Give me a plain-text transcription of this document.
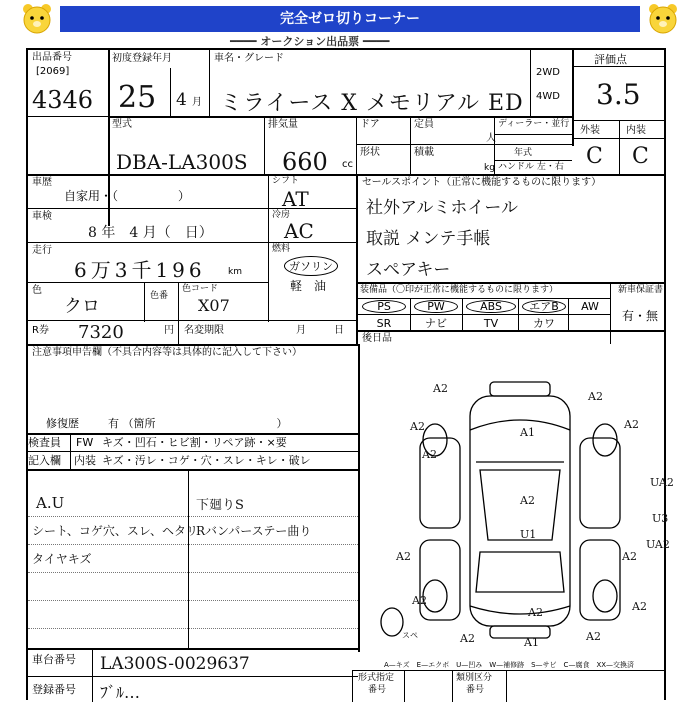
完全ゼロ切りコーナー
━━━━ オークション出品票 ━━━━
出品番号
[2069]
4346
初度登録年月
25 4 月
車名・グレード
ミライース X メモリアル ED
2WD
4WD
評価点
3.5
型式
DBA-LA300S
排気量
660 cc
ドア	定員
人
形状	積載
kg
ディーラー・並行
年式
ハンドル 左・右
外装	内装
C C
車歴
自家用・（　　　　　）
シフト
AT
車検
8 年　4 月（　日）
冷房
AC
走行
6万3千196 km
燃料
ガソリン
軽　油
色
クロ	色番
色コード
X07
R券 7320	円 名変期限	月	日
セールスポイント（正常に機能するものに限ります）
社外アルミホイール
取説 メンテ手帳
スペアキー
装備品（〇印が正常に機能するものに限ります）	新車保証書
PS	PW	ABS	エアB	AW
SR	ナビ	TV	カワ
有・無
後日品
注意事項申告欄（不具合内容等は具体的に記入して下さい）
修復歴	有 （箇所　　　　　　　　　　　）
検査員 FW キズ・凹石・ヒビ割・リペア跡・×要
記入欄 内装 キズ・汚レ・コゲ・穴・スレ・キレ・破レ
A.U
シート、コゲ穴、スレ、ヘタリ
タイヤキズ
下廻りS
Rバンパーステー曲り
A2
A2
A2	A2
A1
A2
A2
U1
A2	A2
A2
A2
A1
A2	A2
A2
UA2
U3
UA2
スペ
A—キズ　E—エクボ　U—凹み　W—補修跡　S—サビ　C—腐食　XX—交換済
車台番号 LA300S-0029637
登録番号 ﾌﾞﾙ…
形式指定
番号
類別区分
番号
